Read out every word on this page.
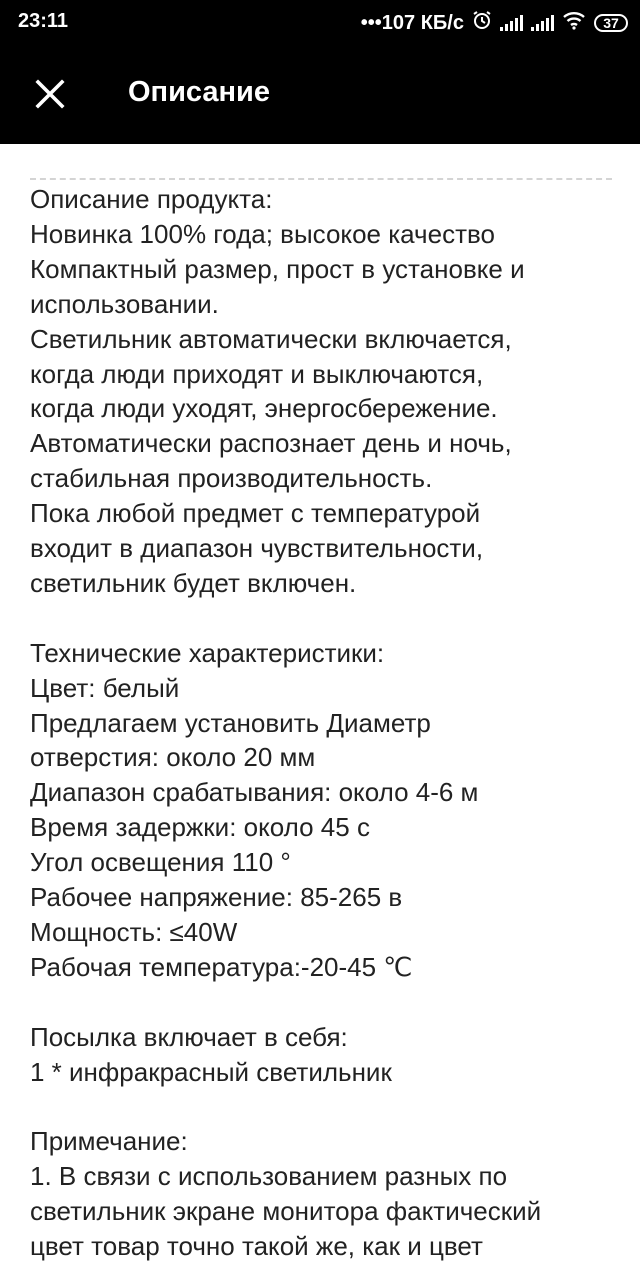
23:11	•••107 КБ/с	37
Описание
Описание продукта:
Новинка 100% года; высокое качество
Компактный размер, прост в установке и
использовании.
Светильник автоматически включается,
когда люди приходят и выключаются,
когда люди уходят, энергосбережение.
Автоматически распознает день и ночь,
стабильная производительность.
Пока любой предмет с температурой
входит в диапазон чувствительности,
светильник будет включен.
Технические характеристики:
Цвет: белый
Предлагаем установить Диаметр
отверстия: около 20 мм
Диапазон срабатывания: около 4-6 м
Время задержки: около 45 с
Угол освещения 110 °
Рабочее напряжение: 85-265 в
Мощность: ≤40W
Рабочая температура:-20-45 ℃
Посылка включает в себя:
1 * инфракрасный светильник
Примечание:
1. В связи с использованием разных по
светильник экране монитора фактический
цвет товар точно такой же, как и цвет
